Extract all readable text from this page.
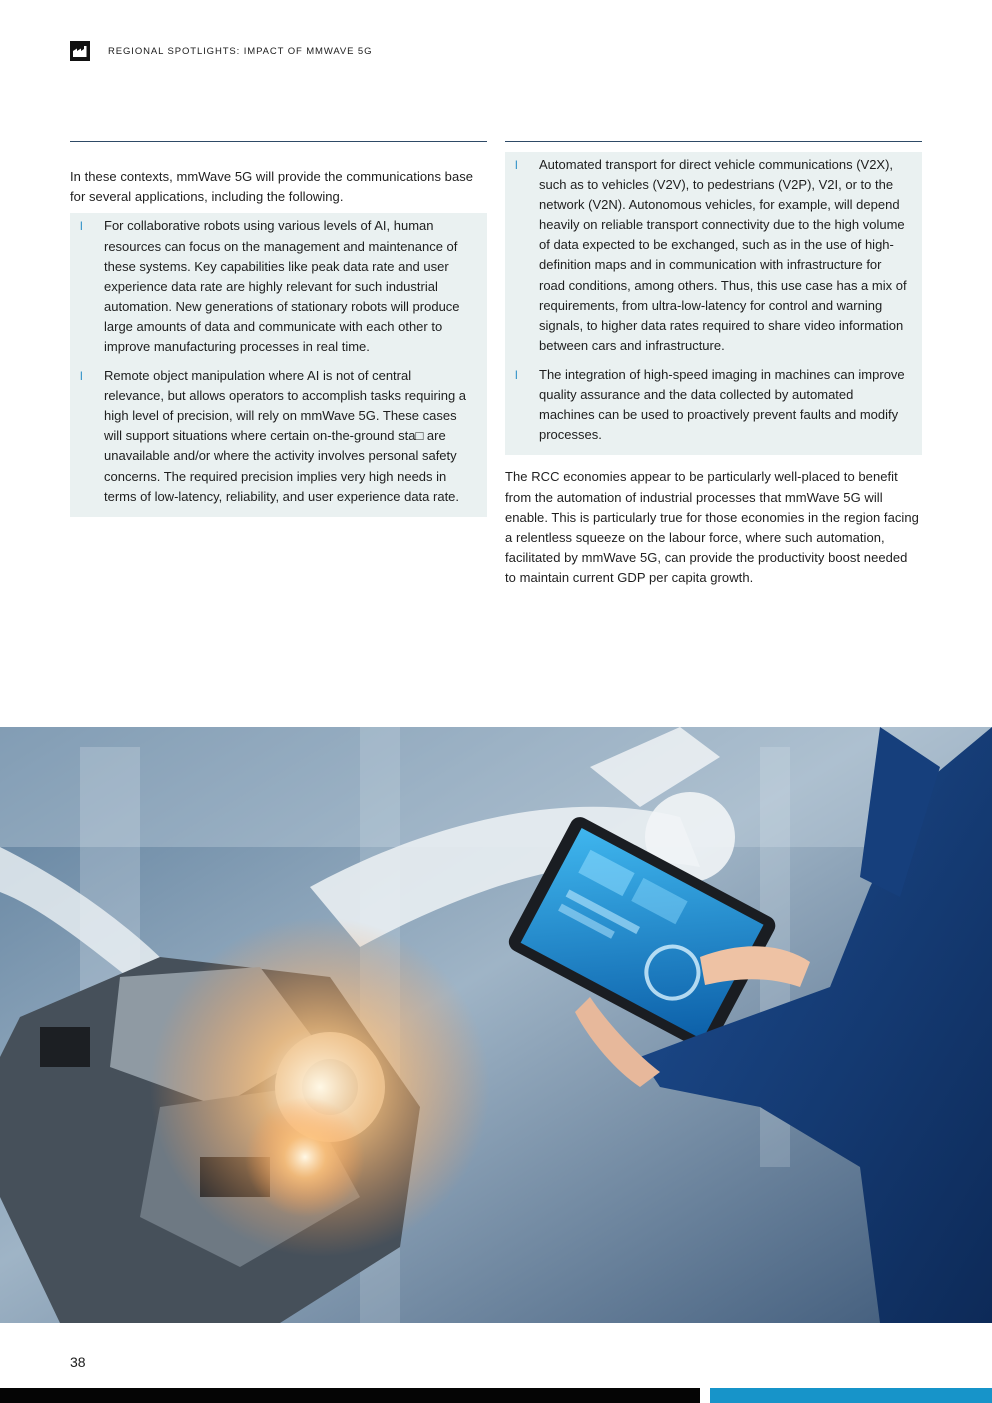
REGIONAL SPOTLIGHTS: IMPACT OF MMWAVE 5G

In these contexts, mmWave 5G will provide the communications base for several applications, including the following.

l	For collaborative robots using various levels of AI, human resources can focus on the management and maintenance of these systems. Key capabilities like peak data rate and user experience data rate are highly relevant for such industrial automation. New generations of stationary robots will produce large amounts of data and communicate with each other to improve manufacturing processes in real time.
l	Remote object manipulation where AI is not of central relevance, but allows operators to accomplish tasks requiring a high level of precision, will rely on mmWave 5G. These cases will support situations where certain on-the-ground sta□ are unavailable and/or where the activity involves personal safety concerns. The required precision implies very high needs in terms of low-latency, reliability, and user experience data rate.
l	Automated transport for direct vehicle communications (V2X), such as to vehicles (V2V), to pedestrians (V2P), V2I, or to the network (V2N). Autonomous vehicles, for example, will depend heavily on reliable transport connectivity due to the high volume of data expected to be exchanged, such as in the use of high-definition maps and in communication with infrastructure for road conditions, among others. Thus, this use case has a mix of requirements, from ultra-low-latency for control and warning signals, to higher data rates required to share video information between cars and infrastructure.
l	The integration of high-speed imaging in machines can improve quality assurance and the data collected by automated machines can be used to proactively prevent faults and modify processes.

The RCC economies appear to be particularly well-placed to benefit from the automation of industrial processes that mmWave 5G will enable. This is particularly true for those economies in the region facing a relentless squeeze on the labour force, where such automation, facilitated by mmWave 5G, can provide the productivity boost needed to maintain current GDP per capita growth.

38
